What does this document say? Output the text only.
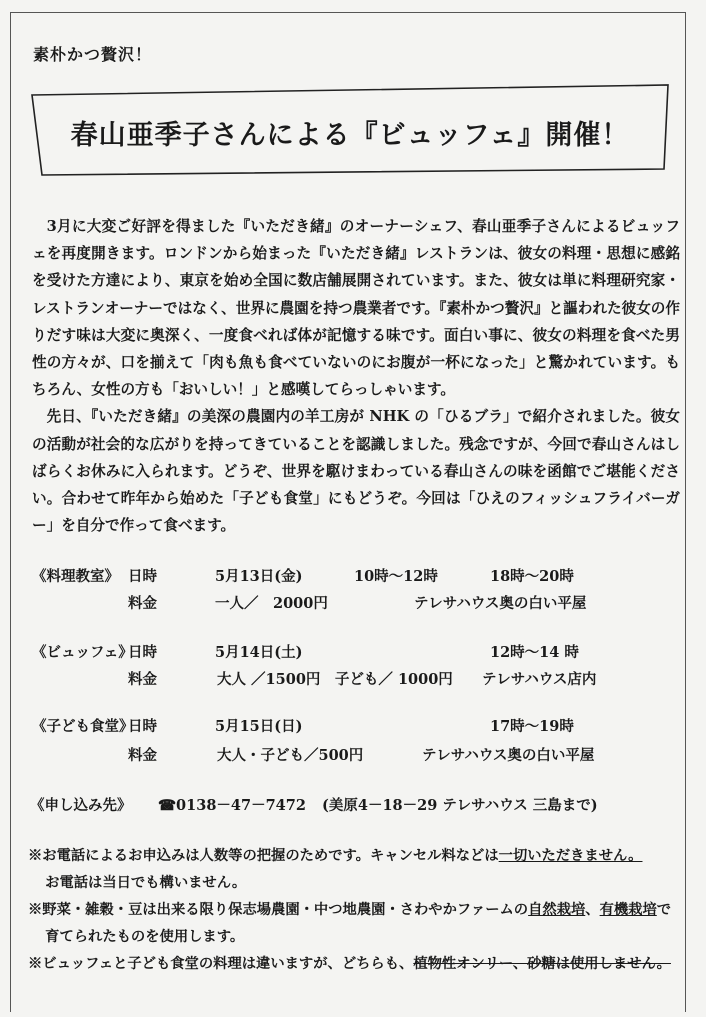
素朴かつ贅沢！
春山亜季子さんによる『ビュッフェ』開催！

3月に大変ご好評を得ました『いただき緒』のオーナーシェフ、春山亜季子さんによるビュッフェを再度開きます。ロンドンから始まった『いただき緒』レストランは、彼女の料理・思想に感銘を受けた方達により、東京を始め全国に数店舗展開されています。また、彼女は単に料理研究家・レストランオーナーではなく、世界に農園を持つ農業者です。『素朴かつ贅沢』と謳われた彼女の作りだす味は大変に奥深く、一度食べれば体が記憶する味です。面白い事に、彼女の料理を食べた男性の方々が、口を揃えて「肉も魚も食べていないのにお腹が一杯になった」と驚かれています。もちろん、女性の方も「おいしい！」と感嘆してらっしゃいます。

先日、『いただき緒』の美深の農園内の羊工房が NHK の「ひるブラ」で紹介されました。彼女の活動が社会的な広がりを持ってきていることを認識しました。残念ですが、今回で春山さんはしばらくお休みに入られます。どうぞ、世界を駆けまわっている春山さんの味を函館でご堪能ください。合わせて昨年から始めた「子ども食堂」にもどうぞ。今回は「ひえのフィッシュフライバーガー」を自分で作って食べます。

《料理教室》 日時	5月13日(金)	10時～12時	18時～20時
料金	一人／　2000円	テレサハウス奥の白い平屋
《ビュッフェ》
日時	5月14日(土)	12時～14 時
料金	大人 ／1500円　子ども／ 1000円 テレサハウス店内
《子ども食堂》
日時	5月15日(日)	17時～19時
料金	大人・子ども／500円	テレサハウス奥の白い平屋
《申し込み先》 ☎0138－47－7472 (美原4－18－29 テレサハウス 三島まで)

※お電話によるお申込みは人数等の把握のためです。キャンセル料などは一切いただきません。
お電話は当日でも構いません。

※野菜・雑穀・豆は出来る限り保志場農園・中つ地農園・さわやかファームの自然栽培、有機栽培で育てられたものを使用します。

※ビュッフェと子ども食堂の料理は違いますが、どちらも、植物性オンリー、砂糖は使用しません。
